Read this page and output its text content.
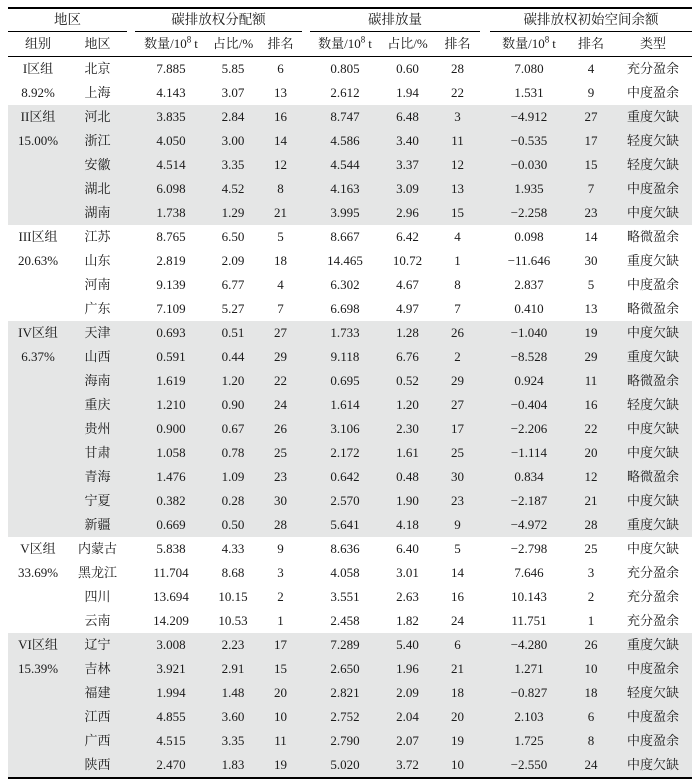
地区			碳排放权分配额				碳排放量				碳排放权初始空间余额		
组别	地区		数量$/10^8$ t	占比/%	排名		数量$/10^8$ t	占比/%	排名		数量$/10^8$ t	排名	类型

I区组
8.92%	北京		7.885	5.85	6		0.805	0.60	28		7.080	4	充分盈余
	上海		4.143	3.07	13		2.612	1.94	22		1.531	9	中度盈余

II区组
15.00%	河北		3.835	2.84	16		8.747	6.48	3		−4.912	27	重度欠缺
	浙江		4.050	3.00	14		4.586	3.40	11		−0.535	17	轻度欠缺
	安徽		4.514	3.35	12		4.544	3.37	12		−0.030	15	轻度欠缺
	湖北		6.098	4.52	8		4.163	3.09	13		1.935	7	中度盈余
	湖南		1.738	1.29	21		3.995	2.96	15		−2.258	23	中度欠缺

III区组
20.63%	江苏		8.765	6.50	5		8.667	6.42	4		0.098	14	略微盈余
	山东		2.819	2.09	18		14.465	10.72	1		−11.646	30	重度欠缺
	河南		9.139	6.77	4		6.302	4.67	8		2.837	5	中度盈余
	广东		7.109	5.27	7		6.698	4.97	7		0.410	13	略微盈余

IV区组
6.37%	天津		0.693	0.51	27		1.733	1.28	26		−1.040	19	中度欠缺
	山西		0.591	0.44	29		9.118	6.76	2		−8.528	29	重度欠缺
	海南		1.619	1.20	22		0.695	0.52	29		0.924	11	略微盈余
	重庆		1.210	0.90	24		1.614	1.20	27		−0.404	16	轻度欠缺
	贵州		0.900	0.67	26		3.106	2.30	17		−2.206	22	中度欠缺
	甘肃		1.058	0.78	25		2.172	1.61	25		−1.114	20	中度欠缺
	青海		1.476	1.09	23		0.642	0.48	30		0.834	12	略微盈余
	宁夏		0.382	0.28	30		2.570	1.90	23		−2.187	21	中度欠缺
	新疆		0.669	0.50	28		5.641	4.18	9		−4.972	28	重度欠缺

V区组
33.69%	内蒙古		5.838	4.33	9		8.636	6.40	5		−2.798	25	中度欠缺
	黑龙江		11.704	8.68	3		4.058	3.01	14		7.646	3	充分盈余
	四川		13.694	10.15	2		3.551	2.63	16		10.143	2	充分盈余
	云南		14.209	10.53	1		2.458	1.82	24		11.751	1	充分盈余

VI区组
15.39%	辽宁		3.008	2.23	17		7.289	5.40	6		−4.280	26	重度欠缺
	吉林		3.921	2.91	15		2.650	1.96	21		1.271	10	中度盈余
	福建		1.994	1.48	20		2.821	2.09	18		−0.827	18	轻度欠缺
	江西		4.855	3.60	10		2.752	2.04	20		2.103	6	中度盈余
	广西		4.515	3.35	11		2.790	2.07	19		1.725	8	中度盈余
	陕西		2.470	1.83	19		5.020	3.72	10		−2.550	24	中度欠缺
